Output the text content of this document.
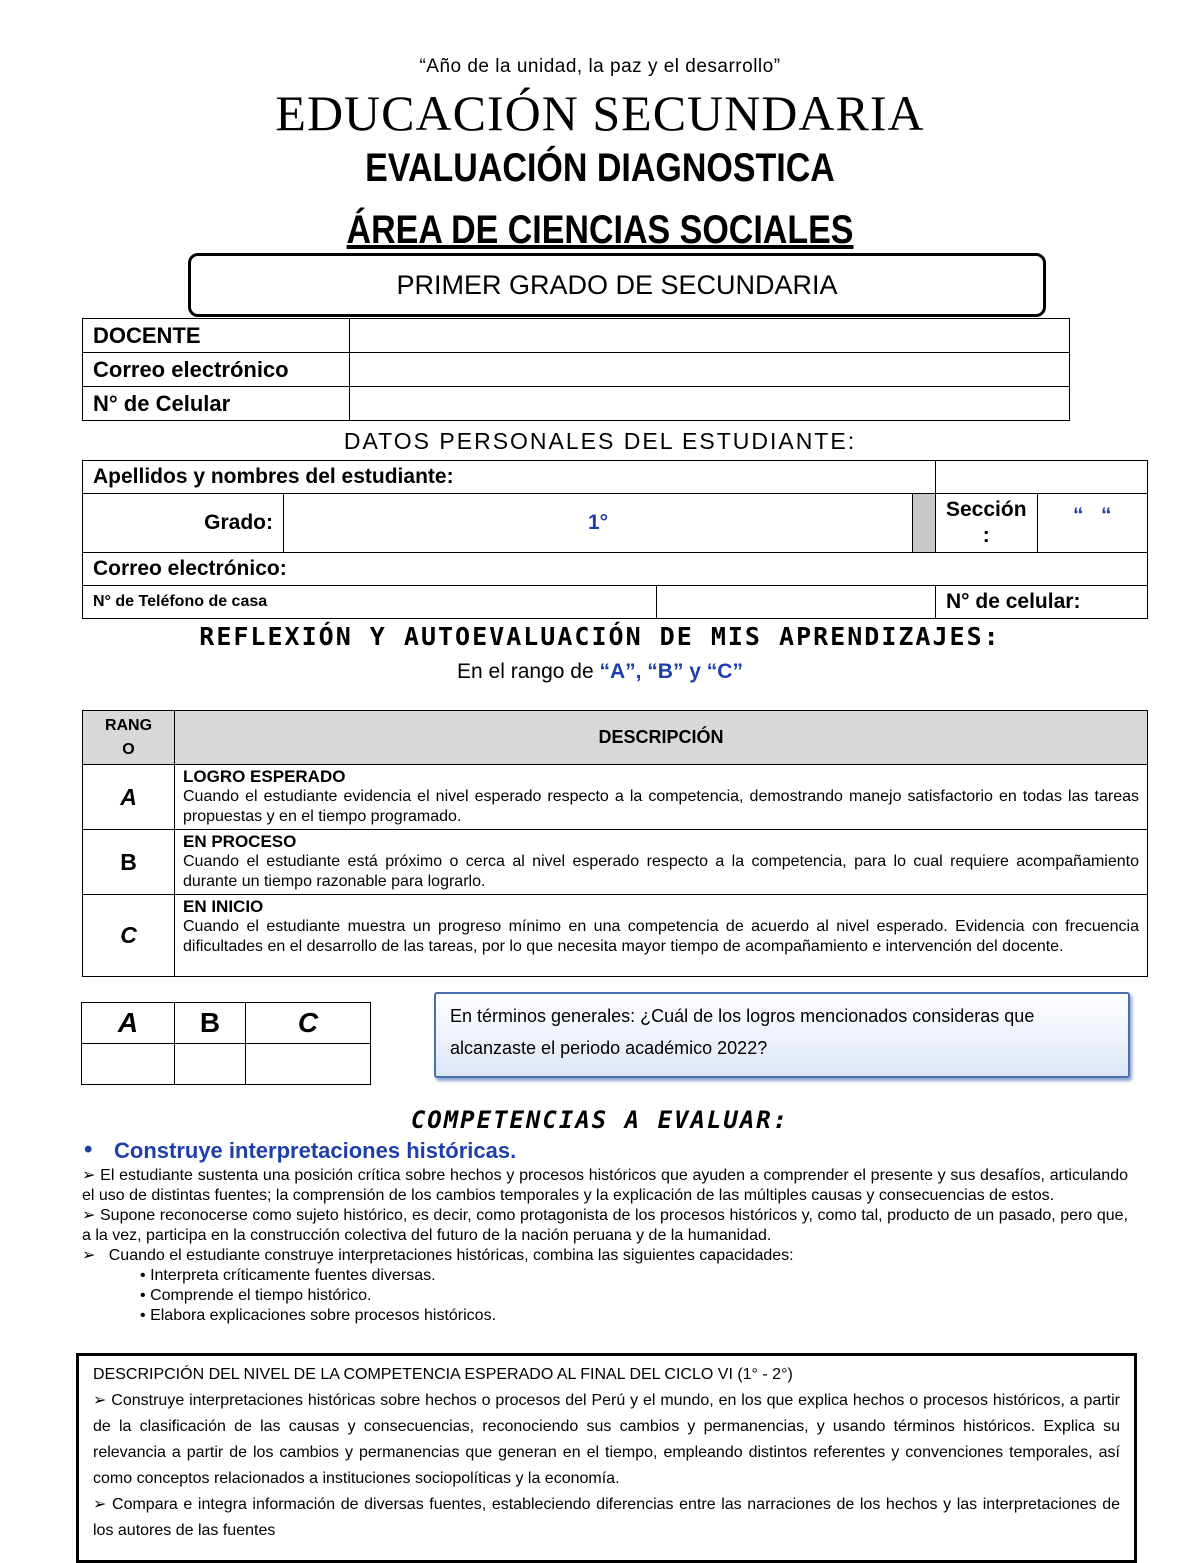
“Año de la unidad, la paz y el desarrollo”
EDUCACIÓN SECUNDARIA
EVALUACIÓN DIAGNOSTICA
ÁREA DE CIENCIAS SOCIALES
PRIMER GRADO DE SECUNDARIA
DOCENTE	
Correo electrónico	
N° de Celular	
DATOS PERSONALES DEL ESTUDIANTE:
Apellidos y nombres del estudiante:					
Grado:	1°			Sección
:	“   “
Correo electrónico:					
N° de Teléfono de casa				N° de celular:	
REFLEXIÓN Y AUTOEVALUACIÓN DE MIS APRENDIZAJES:
En el rango de “A”, “B” y “C”
RANG O	DESCRIPCIÓN
A	LOGRO ESPERADO
Cuando el estudiante evidencia el nivel esperado respecto a la competencia, demostrando manejo satisfactorio en todas las tareas propuestas y en el tiempo programado.

B	EN PROCESO
Cuando el estudiante está próximo o cerca al nivel esperado respecto a la competencia, para lo cual requiere acompañamiento durante un tiempo razonable para lograrlo.

C	EN INICIO
Cuando el estudiante muestra un progreso mínimo en una competencia de acuerdo al nivel esperado. Evidencia con frecuencia dificultades en el desarrollo de las tareas, por lo que necesita mayor tiempo de acompañamiento e intervención del docente.
A	B	C
			En términos generales: ¿Cuál de los logros mencionados consideras que alcanzaste el periodo académico 2022?
COMPETENCIAS A EVALUAR:
• Construye interpretaciones históricas.

➢ El estudiante sustenta una posición crítica sobre hechos y procesos históricos que ayuden a comprender el presente y sus desafíos, articulando el uso de distintas fuentes; la comprensión de los cambios temporales y la explicación de las múltiples causas y consecuencias de estos.

➢ Supone reconocerse como sujeto histórico, es decir, como protagonista de los procesos históricos y, como tal, producto de un pasado, pero que, a la vez, participa en la construcción colectiva del futuro de la nación peruana y de la humanidad.

➢ Cuando el estudiante construye interpretaciones históricas, combina las siguientes capacidades:

• Interpreta críticamente fuentes diversas.

• Comprende el tiempo histórico.

• Elabora explicaciones sobre procesos históricos.

DESCRIPCIÓN DEL NIVEL DE LA COMPETENCIA ESPERADO AL FINAL DEL CICLO VI (1° - 2°)

➢ Construye interpretaciones históricas sobre hechos o procesos del Perú y el mundo, en los que explica hechos o procesos históricos, a partir de la clasificación de las causas y consecuencias, reconociendo sus cambios y permanencias, y usando términos históricos. Explica su relevancia a partir de los cambios y permanencias que generan en el tiempo, empleando distintos referentes y convenciones temporales, así como conceptos relacionados a instituciones sociopolíticas y la economía.

➢ Compara e integra información de diversas fuentes, estableciendo diferencias entre las narraciones de los hechos y las interpretaciones de los autores de las fuentes
